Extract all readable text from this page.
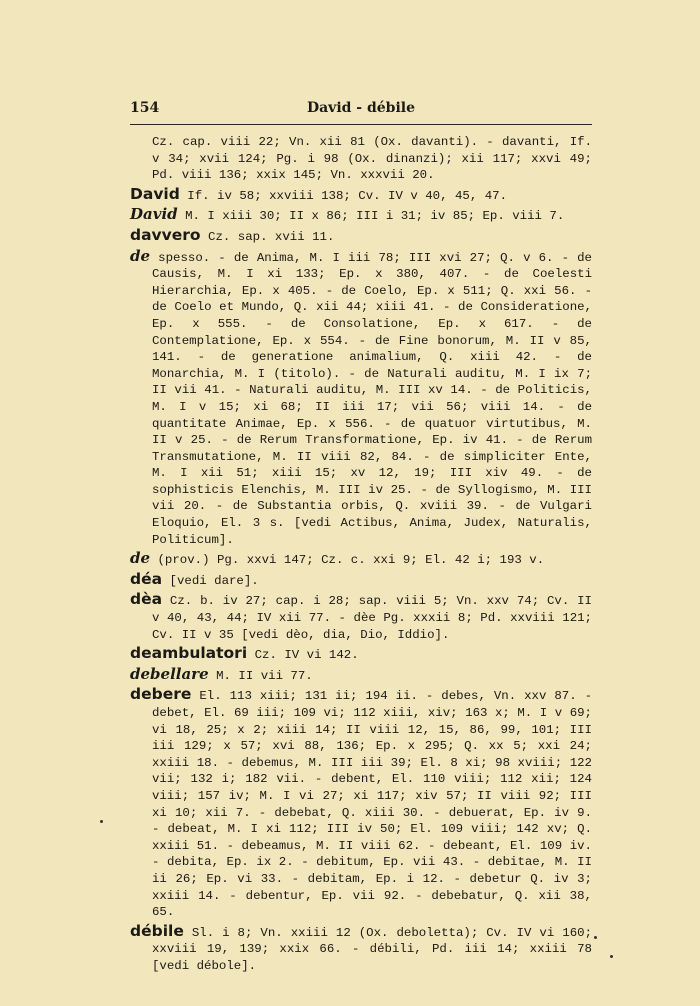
154	David - débile

Cz. cap. viii 22; Vn. xii 81 (Ox. davanti). - davanti, If. v 34; xvii 124; Pg. i 98 (Ox. dinanzi); xii 117; xxvi 49; Pd. viii 136; xxix 145; Vn. xxxvii 20.

David If. iv 58; xxviii 138; Cv. IV v 40, 45, 47.

David M. I xiii 30; II x 86; III i 31; iv 85; Ep. viii 7.

davvero Cz. sap. xvii 11.

de spesso. - de Anima, M. I iii 78; III xvi 27; Q. v 6. - de Causis, M. I xi 133; Ep. x 380, 407. - de Coelesti Hierarchia, Ep. x 405. - de Coelo, Ep. x 511; Q. xxi 56. - de Coelo et Mundo, Q. xii 44; xiii 41. - de Consideratione, Ep. x 555. - de Consolatione, Ep. x 617. - de Contemplatione, Ep. x 554. - de Fine bonorum, M. II v 85, 141. - de generatione animalium, Q. xiii 42. - de Monarchia, M. I (titolo). - de Naturali auditu, M. I ix 7; II vii 41. - Naturali auditu, M. III xv 14. - de Politicis, M. I v 15; xi 68; II iii 17; vii 56; viii 14. - de quantitate Animae, Ep. x 556. - de quatuor virtutibus, M. II v 25. - de Rerum Transformatione, Ep. iv 41. - de Rerum Transmutatione, M. II viii 82, 84. - de simpliciter Ente, M. I xii 51; xiii 15; xv 12, 19; III xiv 49. - de sophisticis Elenchis, M. III iv 25. - de Syllogismo, M. III vii 20. - de Substantia orbis, Q. xviii 39. - de Vulgari Eloquio, El. 3 s. [vedi Actibus, Anima, Judex, Naturalis, Politicum].

de (prov.) Pg. xxvi 147; Cz. c. xxi 9; El. 42 i; 193 v.

déa [vedi dare].

dèa Cz. b. iv 27; cap. i 28; sap. viii 5; Vn. xxv 74; Cv. II v 40, 43, 44; IV xii 77. - dèe Pg. xxxii 8; Pd. xxviii 121; Cv. II v 35 [vedi dèo, dia, Dio, Iddio].

deambulatori Cz. IV vi 142.

debellare M. II vii 77.

debere El. 113 xiii; 131 ii; 194 ii. - debes, Vn. xxv 87. - debet, El. 69 iii; 109 vi; 112 xiii, xiv; 163 x; M. I v 69; vi 18, 25; x 2; xiii 14; II viii 12, 15, 86, 99, 101; III iii 129; x 57; xvi 88, 136; Ep. x 295; Q. xx 5; xxi 24; xxiii 18. - debemus, M. III iii 39; El. 8 xi; 98 xviii; 122 vii; 132 i; 182 vii. - debent, El. 110 viii; 112 xii; 124 viii; 157 iv; M. I vi 27; xi 117; xiv 57; II viii 92; III xi 10; xii 7. - debebat, Q. xiii 30. - debuerat, Ep. iv 9. - debeat, M. I xi 112; III iv 50; El. 109 viii; 142 xv; Q. xxiii 51. - debeamus, M. II viii 62. - debeant, El. 109 iv. - debita, Ep. ix 2. - debitum, Ep. vii 43. - debitae, M. II ii 26; Ep. vi 33. - debitam, Ep. i 12. - debetur Q. iv 3; xxiii 14. - debentur, Ep. vii 92. - debebatur, Q. xii 38, 65.

débile Sl. i 8; Vn. xxiii 12 (Ox. deboletta); Cv. IV vi 160; xxviii 19, 139; xxix 66. - débili, Pd. iii 14; xxiii 78 [vedi débole].
